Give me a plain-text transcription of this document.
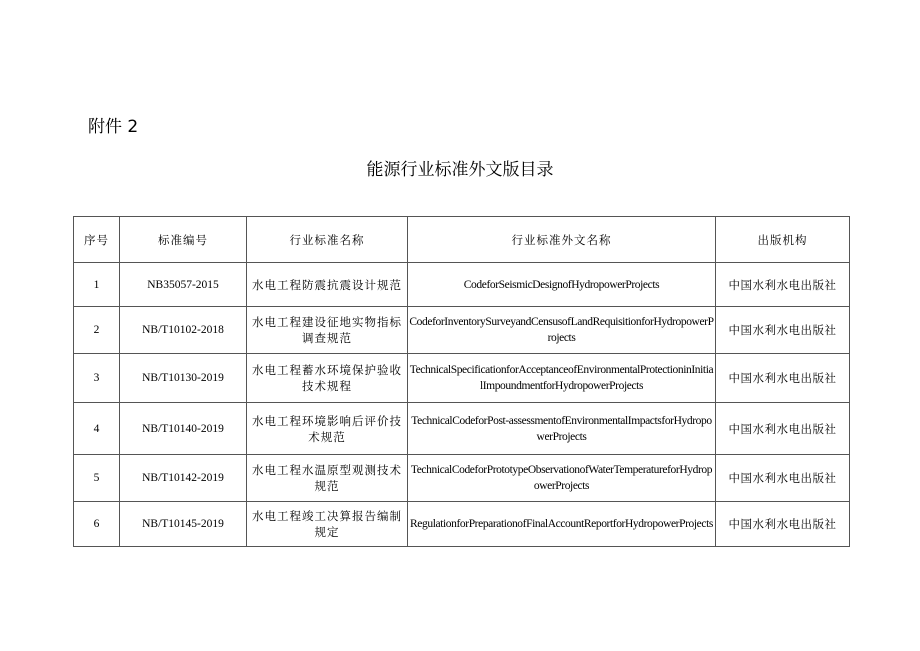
附件 2
能源行业标准外文版目录
序号	标准编号	行业标准名称	行业标准外文名称	出版机构
1	NB35057-2015	水电工程防震抗震设计规范	CodeforSeismicDesignofHydropowerProjects	中国水利水电出版社
2	NB/T10102-2018	水电工程建设征地实物指标调查规范	CodeforInventorySurveyandCensusofLandRequisitionforHydropowerProjects	中国水利水电出版社
3	NB/T10130-2019	水电工程蓄水环境保护验收技术规程	TechnicalSpecificationforAcceptanceofEnvironmentalProtectioninInitialImpoundmentforHydropowerProjects	中国水利水电出版社
4	NB/T10140-2019	水电工程环境影响后评价技术规范	TechnicalCodeforPost-assessmentofEnvironmentalImpactsforHydropowerProjects	中国水利水电出版社
5	NB/T10142-2019	水电工程水温原型观测技术规范	TechnicalCodeforPrototypeObservationofWaterTemperatureforHydropowerProjects	中国水利水电出版社
6	NB/T10145-2019	水电工程竣工决算报告编制规定	RegulationforPreparationofFinalAccountReportforHydropowerProjects	中国水利水电出版社
